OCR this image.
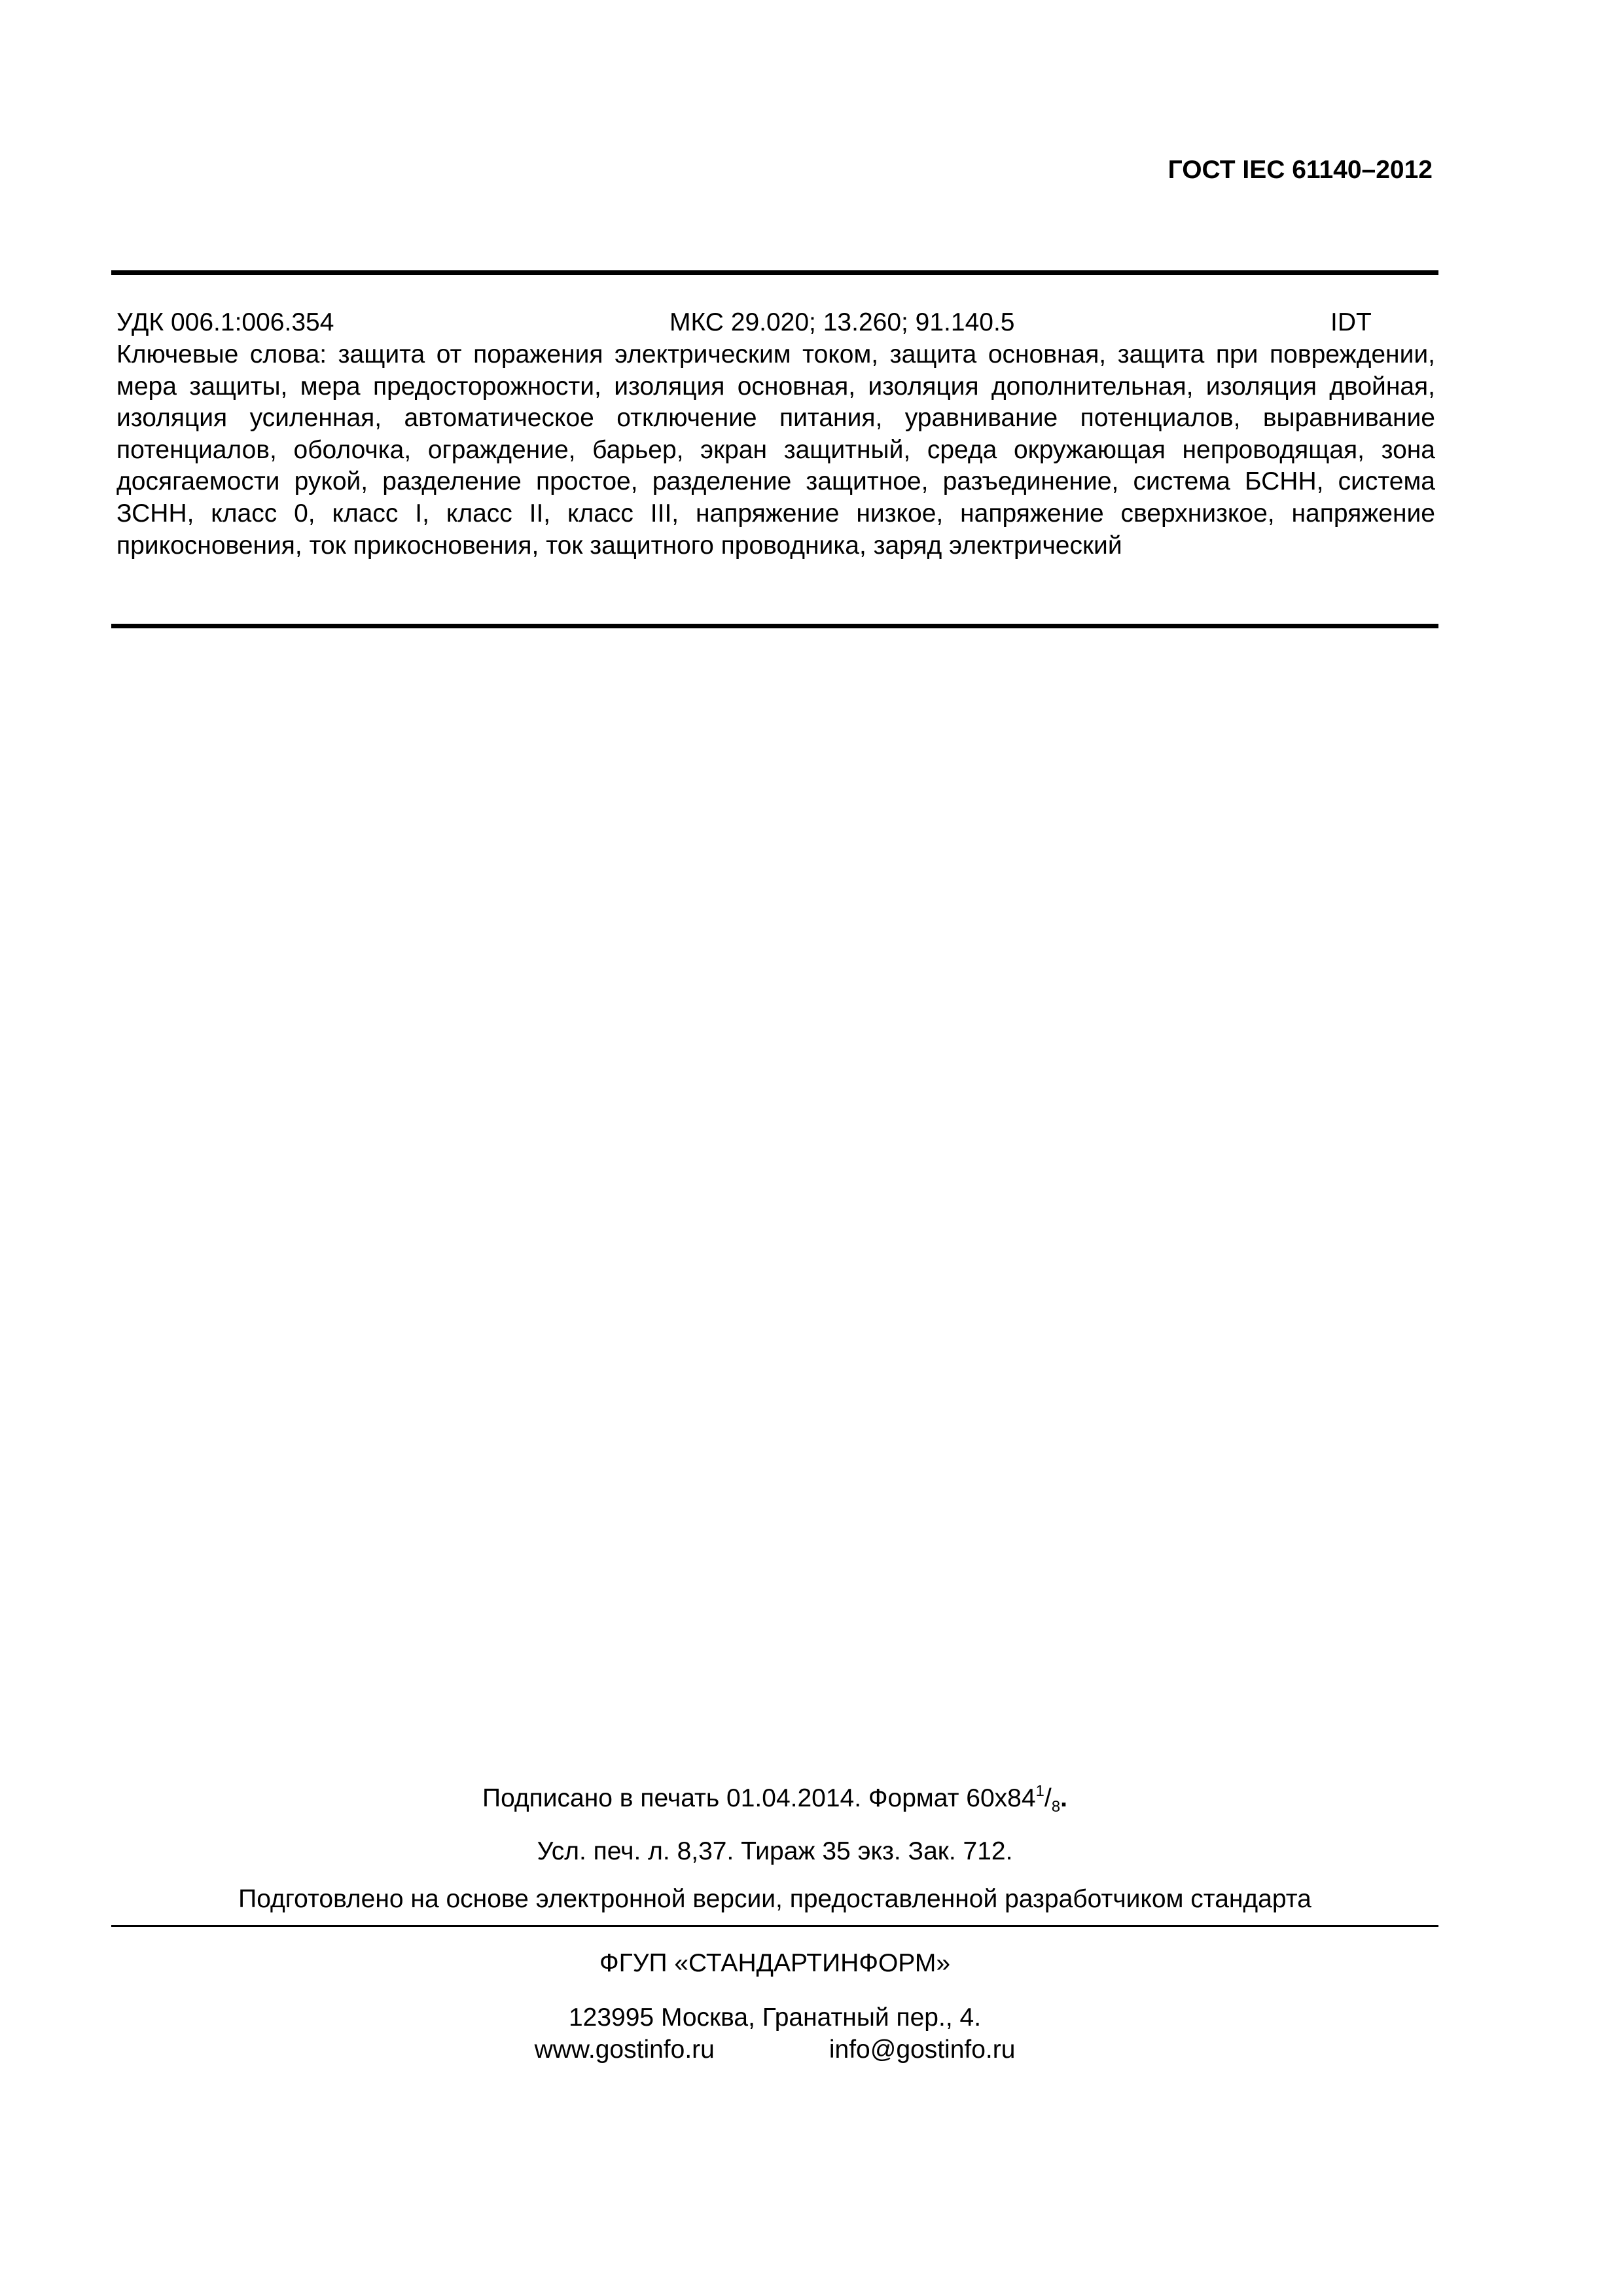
ГОСТ IEC 61140–2012
УДК 006.1:006.354	МКС 29.020; 13.260; 91.140.5	IDT

Ключевые слова: защита от поражения электрическим током, защита основная, защита при повреждении, мера защиты, мера предосторожности, изоляция основная, изоляция дополнительная, изоляция двойная, изоляция усиленная, автоматическое отключение питания, уравнивание потенциалов, выравнивание потенциалов, оболочка, ограждение, барьер, экран защитный, среда окружающая непроводящая, зона досягаемости рукой, разделение простое, разделение защитное, разъединение, система БСНН, система ЗСНН, класс 0, класс I, класс II, класс III, напряжение низкое, напряжение сверхнизкое, напряжение прикосновения, ток прикосновения, ток защитного проводника, заряд электрический

Подписано в печать 01.04.2014. Формат $60x84^1/_8$.
Усл. печ. л. 8,37. Тираж 35 экз. Зак. 712.
Подготовлено на основе электронной версии, предоставленной разработчиком стандарта
ФГУП «СТАНДАРТИНФОРМ»
123995 Москва, Гранатный пер., 4.
www.gostinfo.ru	info@gostinfo.ru
